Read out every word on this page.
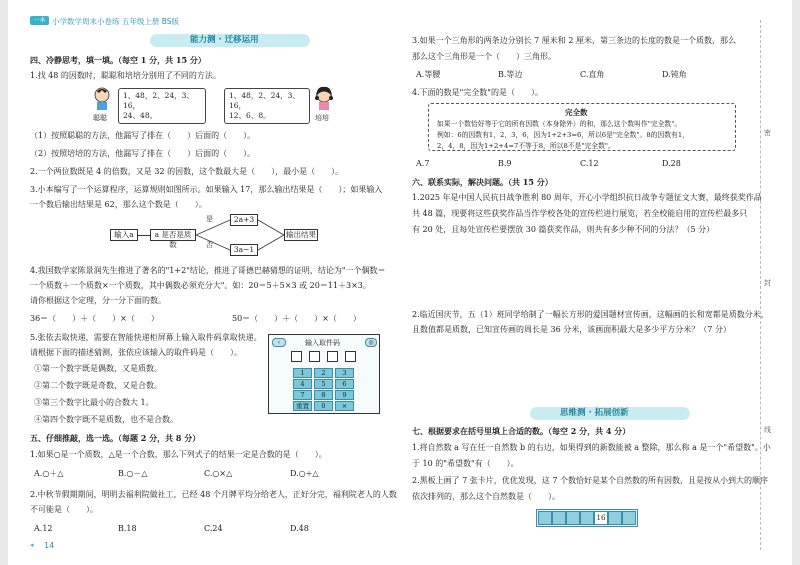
一本 小学数学周末小卷练 五年级上册 BS版
能力测 · 迁移运用
四、冷静思考，填一填。（每空 1 分，共 15 分）
1.找 48 的因数时，聪聪和培培分别用了不同的方法。
聪聪
1、48，2、24，3、16，
24、48。
1、48，2、24，3、16，
12、6、8。	培培
（1）按照聪聪的方法，他漏写了排在（　　）后面的（　　）。
（2）按照培培的方法，他漏写了排在（　　）后面的（　　）。
2.一个两位数既是 4 的倍数，又是 32 的因数，这个数最大是（　　），最小是（　　）。
3.小本编写了一个运算程序，运算规则如图所示。如果输入 17，那么输出结果是（　　）；如果输入
一个数后输出结果是 62，那么这个数是（　　）。
输入a	a 是否是质数
是
否
2a+3
3a−1
输出结果
4.我国数学家陈景润先生推进了著名的"1+2"结论，推进了哥德巴赫猜想的证明，结论为"一个偶数＝
一个质数＋一个质数×一个质数，其中偶数必须充分大"。如：20＝5＋5×3 或 20＝11＋3×3。
请你根据这个定理，分一分下面的数。
36＝（　　）＋（　　）×（　　）	50＝（　　）＋（　　）×（　　）
5.张依去取快递，需要在智能快递柜屏幕上输入取件码拿取快递。
请根据下面的描述猜测，张依应该输入的取件码是（　　）。
①第一个数字既是偶数，又是质数。
②第二个数字既是奇数，又是合数。
③第三个数字比最小的合数大 1。
④第四个数字既不是质数，也不是合数。
‹	输入取件码	◎
1	2	3
4	5	6
7	8	9
重置	0	×
五、仔细推敲，选一选。（每题 2 分，共 8 分）
1.如果○是一个质数，△是一个合数，那么下列式子的结果一定是合数的是（　　）。
A.○＋△	B.○－△	C.○×△	D.○÷△
2.中秋节假期期间，明明去福利院做社工，已经 48 个月牌平均分给老人，正好分完，福利院老人的人数
不可能是（　　）。
A.12	B.18	C.24	D.48
◂ 14
3.如果一个三角形的两条边分别长 7 厘米和 2 厘米，第三条边的长度的数是一个质数，那么
那么这个三角形是一个（　　）三角形。
A.等腰	B.等边	C.直角	D.钝角
4.下面的数是"完全数"的是（　　）。
完全数
如果一个数恰好等于它的所有因数（本身除外）的和，那么这个数叫作"完全数"。
例如：6的因数有1，2，3，6，因为1+2+3=6，所以6是"完全数"。8的因数有1，
2，4，8，因为1+2+4=7不等于8，所以8不是"完全数"。
A.7	B.9	C.12	D.28
六、联系实际，解决问题。（共 15 分）
1.2025 年是中国人民抗日战争胜利 80 周年，开心小学组织抗日战争专题征文大赛，最终获奖作品
共 48 篇，现要将这些获奖作品当作学校各处的宣传栏进行展览，若全校能启用的宣传栏最多只
有 20 处，且每处宣传栏要摆放 30 篇获奖作品，则共有多少种不同的分法？（5 分）
2.临近国庆节，五（1）班同学给制了一幅长方形的爱国题材宣传画，这幅画的长和宽都是质数分米，
且数值都是质数，已知宣传画的周长是 36 分米，该画面积最大是多少平方分米？（7 分）
思维测 · 拓展创新
七、根据要求在括号里填上合适的数。（每空 2 分，共 4 分）
1.将自然数 a 写在任一自然数 b 的右边，如果得到的新数能被 a 整除，那么称 a 是一个"希望数"。小
于 10 的"希望数"有（　　）。
2.黑板上画了 7 张卡片，优优发现，这 7 个数恰好是某个自然数的所有因数，且是按从小到大的顺序
依次排列的，那么这个自然数是（　　）。
16
密
封
线
